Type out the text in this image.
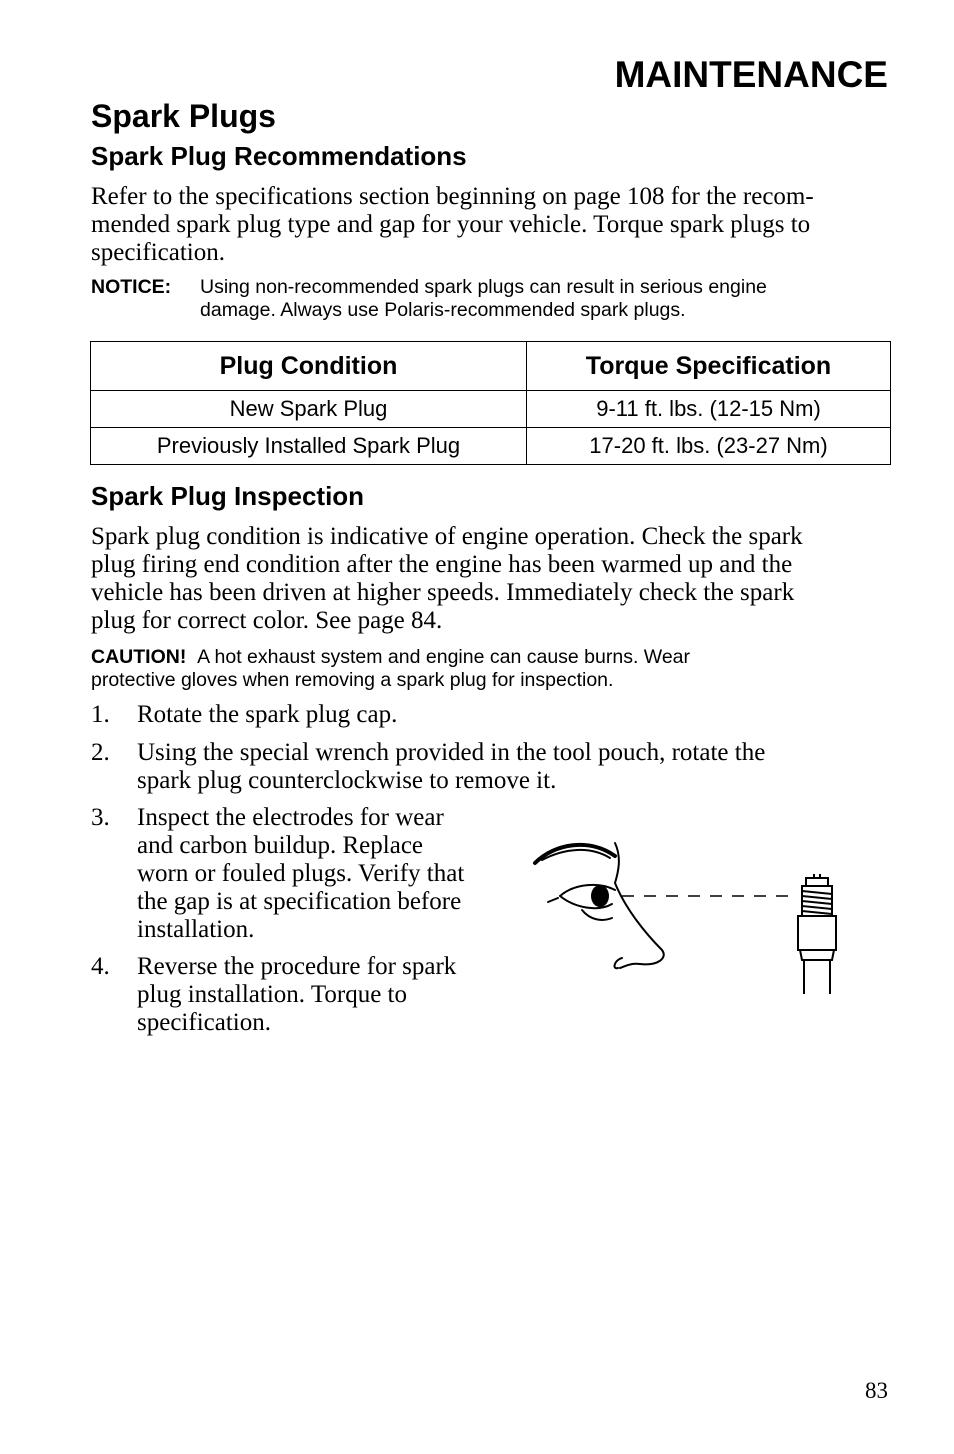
MAINTENANCE
Spark Plugs
Spark Plug Recommendations
Refer to the specifications section beginning on page 108 for the recom-
mended spark plug type and gap for your vehicle. Torque spark plugs to
specification.
NOTICE: Using non-recommended spark plugs can result in serious engine
damage. Always use Polaris-recommended spark plugs.
Plug Condition	Torque Specification
New Spark Plug	9-11 ft. lbs. (12-15 Nm)
Previously Installed Spark Plug	17-20 ft. lbs. (23-27 Nm)
Spark Plug Inspection
Spark plug condition is indicative of engine operation. Check the spark
plug firing end condition after the engine has been warmed up and the
vehicle has been driven at higher speeds. Immediately check the spark
plug for correct color. See page 84.
CAUTION! A hot exhaust system and engine can cause burns. Wear
protective gloves when removing a spark plug for inspection.
1. Rotate the spark plug cap.
2. Using the special wrench provided in the tool pouch, rotate the
spark plug counterclockwise to remove it.
3. Inspect the electrodes for wear
and carbon buildup. Replace
worn or fouled plugs. Verify that
the gap is at specification before
installation.
4. Reverse the procedure for spark
plug installation. Torque to
specification.
83
